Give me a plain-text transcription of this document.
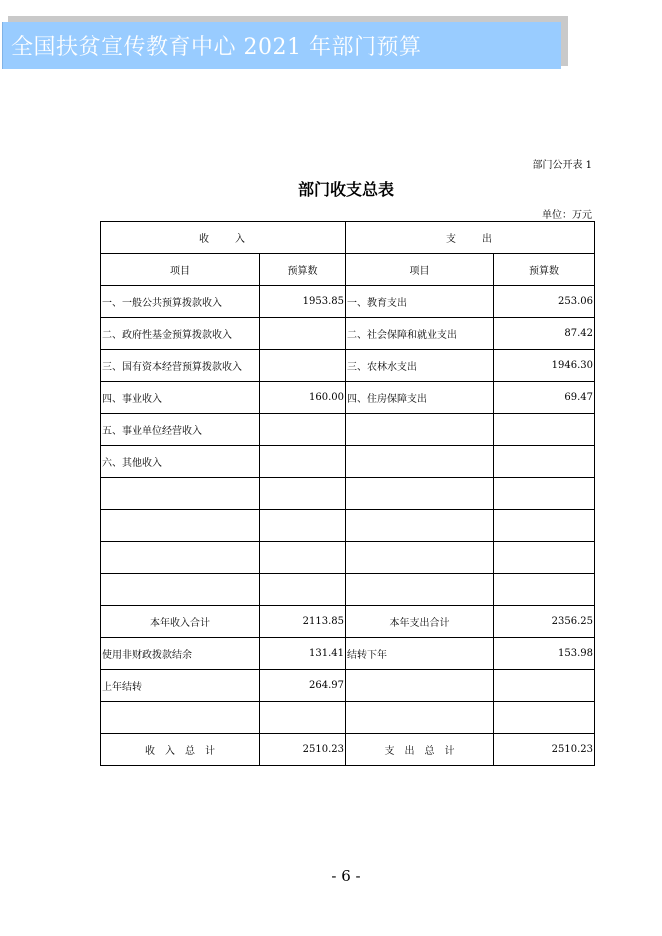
全国扶贫宣传教育中心 2021 年部门预算
部门公开表 1
部门收支总表
单位：万元
收　　入		支　　出	
项目	预算数	项目	预算数
一、一般公共预算拨款收入	1953.85	一、教育支出	253.06
二、政府性基金预算拨款收入		二、社会保障和就业支出	87.42
三、国有资本经营预算拨款收入		三、农林水支出	1946.30
四、事业收入	160.00	四、住房保障支出	69.47
五、事业单位经营收入			
六、其他收入			

本年收入合计	2113.85	本年支出合计	2356.25
使用非财政拨款结余	131.41	结转下年	153.98
上年结转	264.97		

收　入　总　计	2510.23	支　出　总　计	2510.23
- 6 -
